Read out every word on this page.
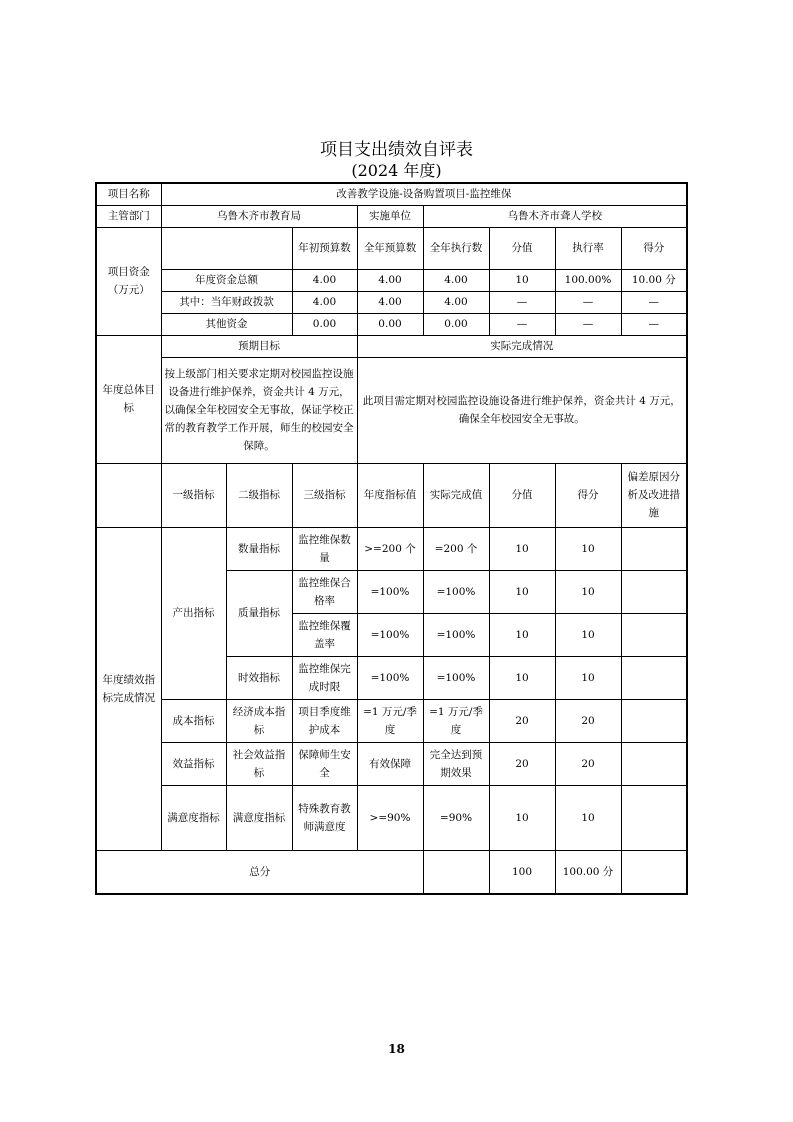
项目支出绩效自评表
(2024 年度)
项目名称	改善教学设施-设备购置项目-监控维保							
主管部门	乌鲁木齐市教育局			实施单位	乌鲁木齐市聋人学校			
项目资金（万元）			年初预算数	全年预算数	全年执行数	分值	执行率	得分
	年度资金总额		4.00	4.00	4.00	10	100.00%	10.00 分
	其中：当年财政拨款		4.00	4.00	4.00	—	—	—
	其他资金		0.00	0.00	0.00	—	—	—
年度总体目标	预期目标			实际完成情况				
	按上级部门相关要求定期对校园监控设施设备进行维护保养，资金共计 4 万元，以确保全年校园安全无事故，保证学校正常的教育教学工作开展，师生的校园安全保障。			此项目需定期对校园监控设施设备进行维护保养，资金共计 4 万元，确保全年校园安全无事故。				
	一级指标	二级指标	三级指标	年度指标值	实际完成值	分值	得分	偏差原因分析及改进措施
年度绩效指标完成情况	产出指标	数量指标	监控维保数量	>=200 个	=200 个	10	10	
		质量指标	监控维保合格率	=100%	=100%	10	10	
			监控维保覆盖率	=100%	=100%	10	10	
		时效指标	监控维保完成时限	=100%	=100%	10	10	
	成本指标	经济成本指标	项目季度维护成本	=1 万元/季度	=1 万元/季度	20	20	
	效益指标	社会效益指标	保障师生安全	有效保障	完全达到预期效果	20	20	
	满意度指标	满意度指标	特殊教育教师满意度	>=90%	=90%	10	10	
总分						100	100.00 分	
18
